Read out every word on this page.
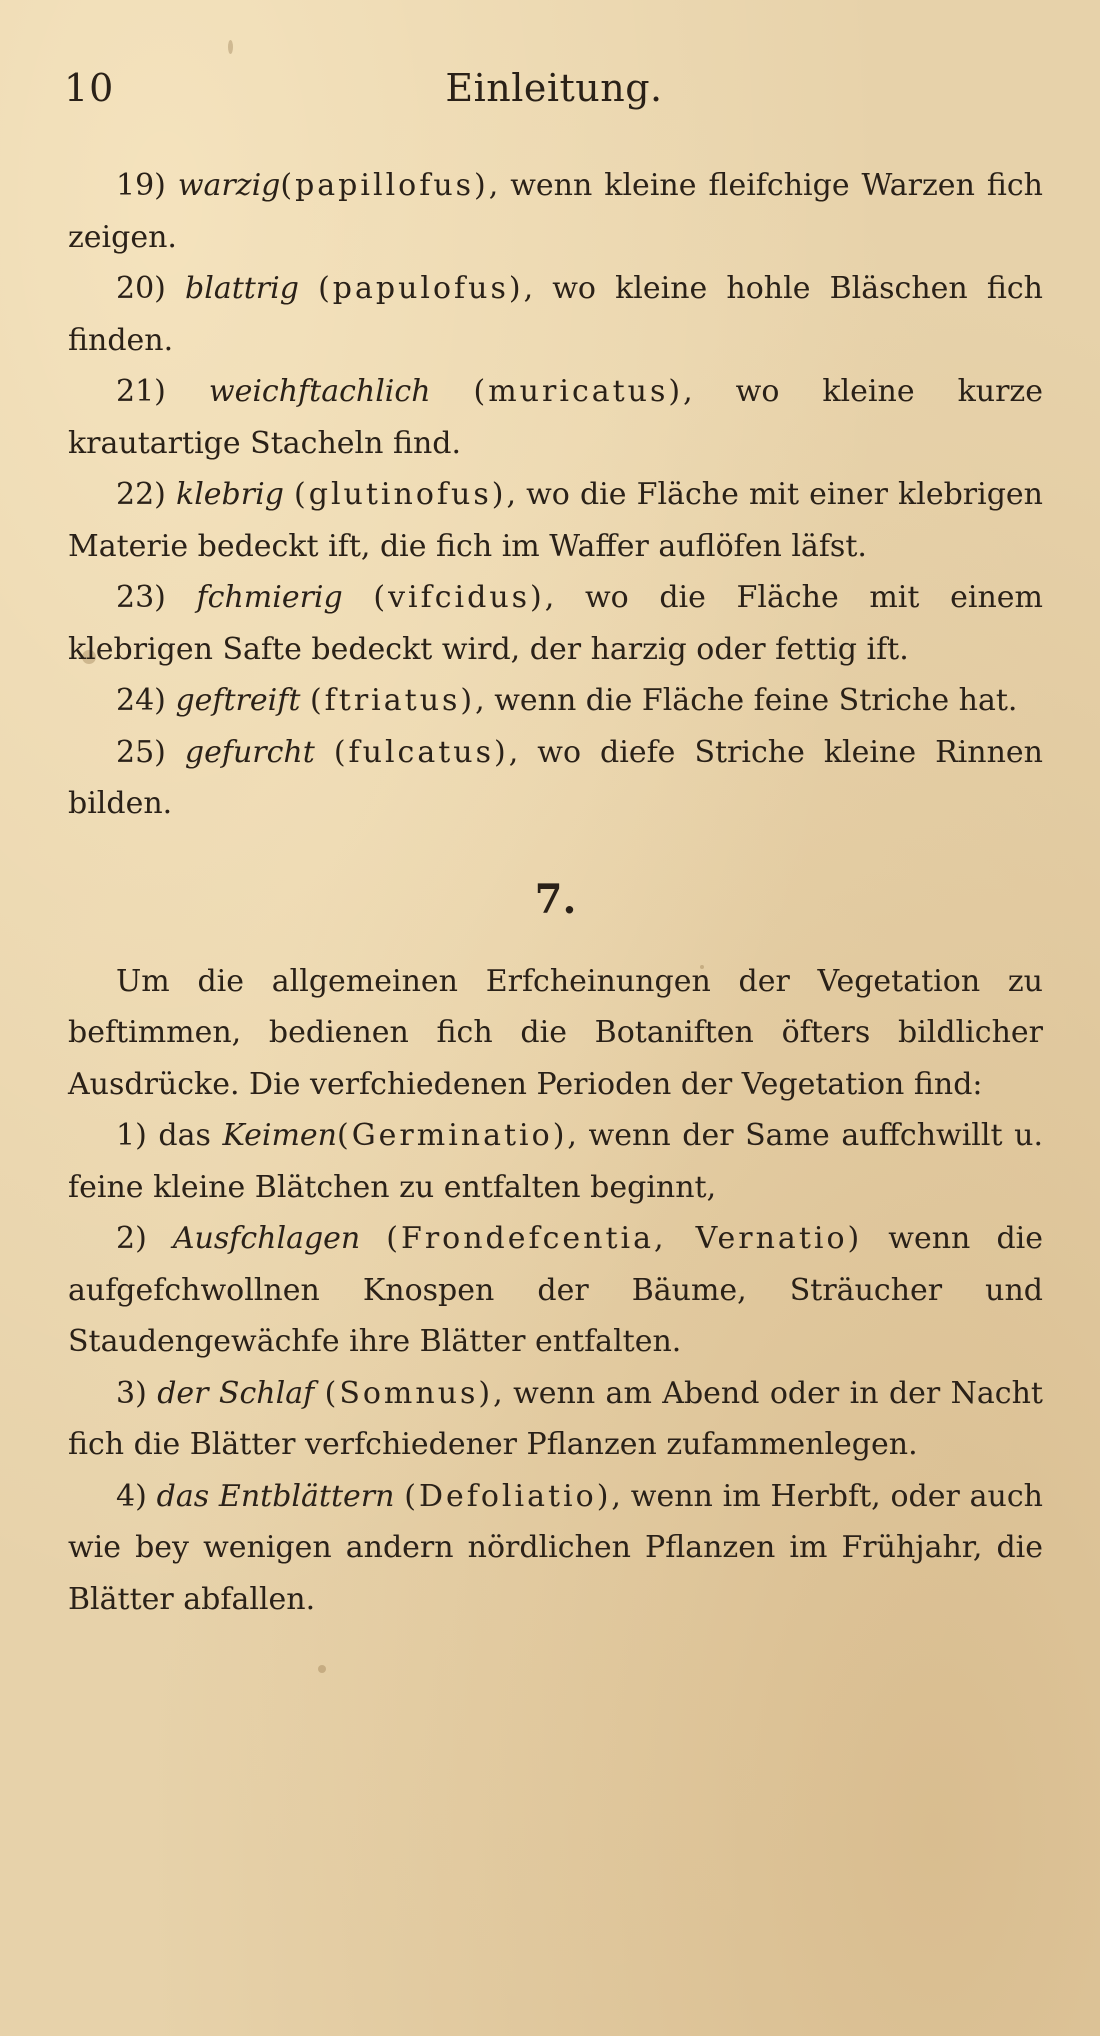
10	Einleitung.

19) warzig(papillofus), wenn kleine fleifchige Warzen fich zeigen.

20) blattrig (papulofus), wo kleine hohle Bläschen fich finden.

21) weichftachlich (muricatus), wo kleine kurze krautartige Stacheln find.

22) klebrig (glutinofus), wo die Fläche mit einer klebrigen Materie bedeckt ift, die fich im Waffer auflöfen läfst.

23) fchmierig (vifcidus), wo die Fläche mit einem klebrigen Safte bedeckt wird, der harzig oder fettig ift.

24) geftreift (ftriatus), wenn die Fläche feine Striche hat.

25) gefurcht (fulcatus), wo diefe Striche kleine Rinnen bilden.

7.

Um die allgemeinen Erfcheinungen der Vegetation zu beftimmen, bedienen fich die Botaniften öfters bildlicher Ausdrücke. Die verfchiedenen Perioden der Vegetation find:

1) das Keimen(Germinatio), wenn der Same auffchwillt u. feine kleine Blätchen zu entfalten beginnt,

2) Ausfchlagen (Frondefcentia, Vernatio) wenn die aufgefchwollnen Knospen der Bäume, Sträucher und Staudengewächfe ihre Blätter entfalten.

3) der Schlaf (Somnus), wenn am Abend oder in der Nacht fich die Blätter verfchiedener Pflanzen zufammenlegen.

4) das Entblättern (Defoliatio), wenn im Herbft, oder auch wie bey wenigen andern nördlichen Pflanzen im Frühjahr, die Blätter abfallen.
